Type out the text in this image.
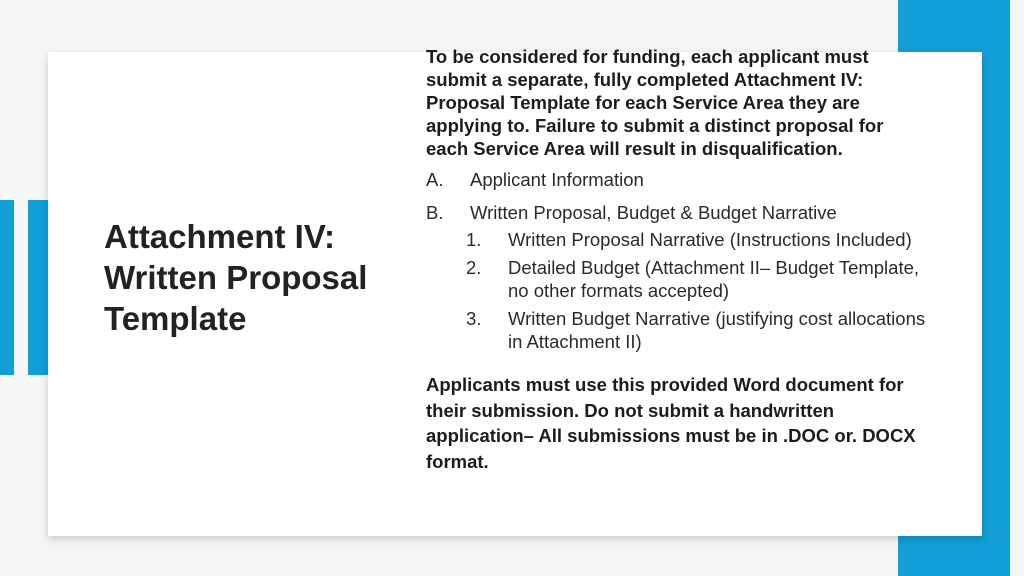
Attachment IV: Written Proposal Template

To be considered for funding, each applicant must submit a separate, fully completed Attachment IV: Proposal Template for each Service Area they are applying to. Failure to submit a distinct proposal for each Service Area will result in disqualification.

A.	Applicant Information
B.	Written Proposal, Budget & Budget Narrative
1.	Written Proposal Narrative (Instructions Included)
2.	Detailed Budget (Attachment II– Budget Template, no other formats accepted)
3.	Written Budget Narrative (justifying cost allocations in Attachment II)

Applicants must use this provided Word document for their submission. Do not submit a handwritten application– All submissions must be in .DOC or. DOCX format.
